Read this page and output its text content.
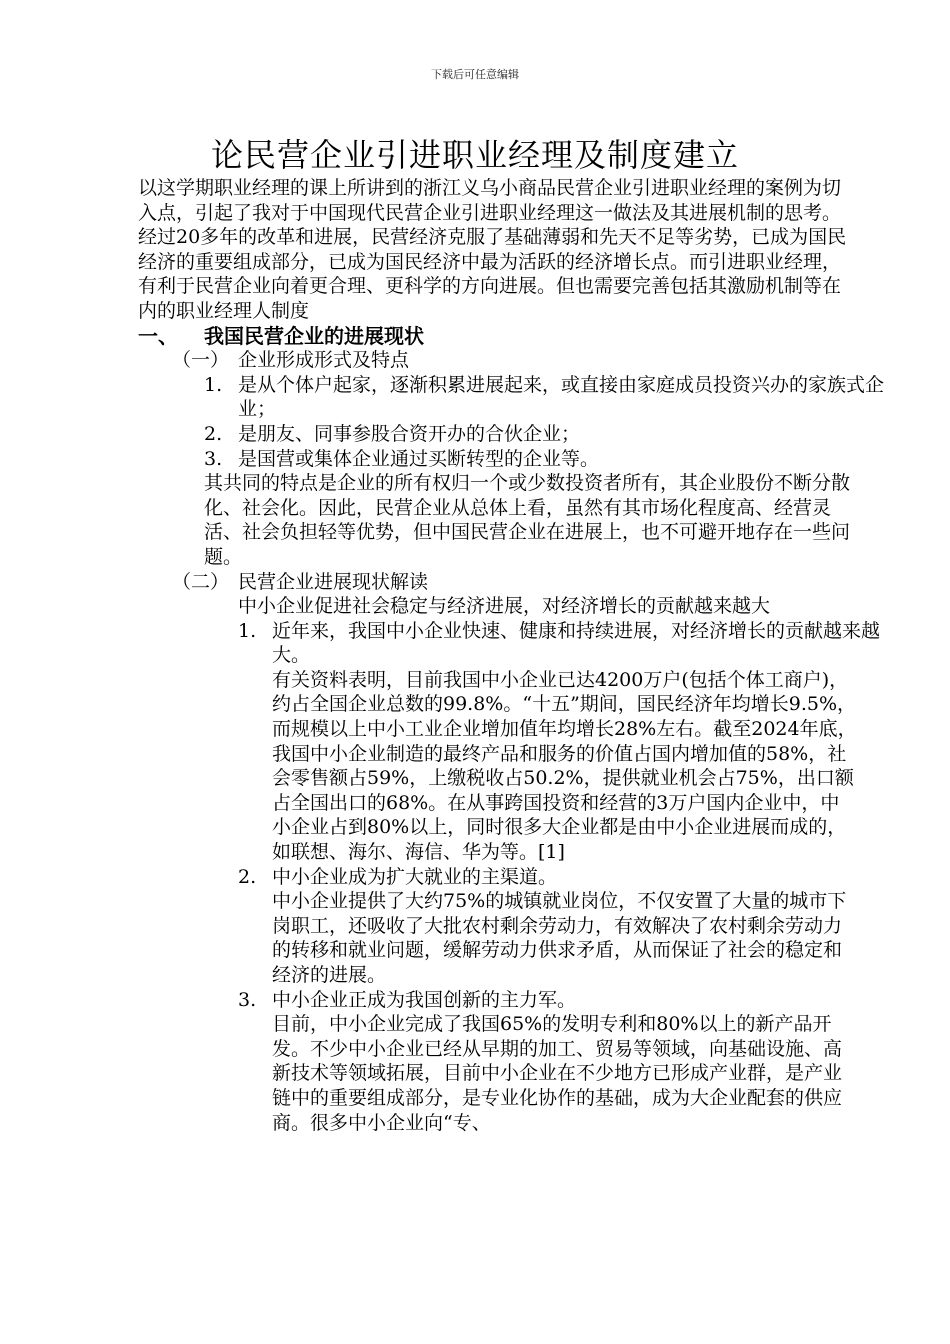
下载后可任意编辑
论民营企业引进职业经理及制度建立

以这学期职业经理的课上所讲到的浙江义乌小商品民营企业引进职业经理的案例为切入点，引起了我对于中国现代民营企业引进职业经理这一做法及其进展机制的思考。经过20多年的改革和进展，民营经济克服了基础薄弱和先天不足等劣势，已成为国民经济的重要组成部分，已成为国民经济中最为活跃的经济增长点。而引进职业经理，有利于民营企业向着更合理、更科学的方向进展。但也需要完善包括其激励机制等在内的职业经理人制度

一、 我国民营企业的进展现状

（一） 企业形成形式及特点

1. 是从个体户起家，逐渐积累进展起来，或直接由家庭成员投资兴办的家族式企业；

2. 是朋友、同事参股合资开办的合伙企业；

3. 是国营或集体企业通过买断转型的企业等。

其共同的特点是企业的所有权归一个或少数投资者所有，其企业股份不断分散化、社会化。因此，民营企业从总体上看，虽然有其市场化程度高、经营灵活、社会负担轻等优势，但中国民营企业在进展上，也不可避开地存在一些问题。

（二） 民营企业进展现状解读

中小企业促进社会稳定与经济进展，对经济增长的贡献越来越大

1. 近年来，我国中小企业快速、健康和持续进展，对经济增长的贡献越来越大。

有关资料表明，目前我国中小企业已达4200万户(包括个体工商户)，约占全国企业总数的99.8%。“十五”期间，国民经济年均增长9.5%，而规模以上中小工业企业增加值年均增长28%左右。截至2024年底，我国中小企业制造的最终产品和服务的价值占国内增加值的58%，社会零售额占59%，上缴税收占50.2%，提供就业机会占75%，出口额占全国出口的68%。在从事跨国投资和经营的3万户国内企业中，中小企业占到80%以上，同时很多大企业都是由中小企业进展而成的，如联想、海尔、海信、华为等。[1]

2. 中小企业成为扩大就业的主渠道。

中小企业提供了大约75%的城镇就业岗位，不仅安置了大量的城市下岗职工，还吸收了大批农村剩余劳动力，有效解决了农村剩余劳动力的转移和就业问题，缓解劳动力供求矛盾，从而保证了社会的稳定和经济的进展。

3. 中小企业正成为我国创新的主力军。

目前，中小企业完成了我国65%的发明专利和80%以上的新产品开发。不少中小企业已经从早期的加工、贸易等领域，向基础设施、高新技术等领域拓展，目前中小企业在不少地方已形成产业群，是产业链中的重要组成部分，是专业化协作的基础，成为大企业配套的供应商。很多中小企业向“专、
